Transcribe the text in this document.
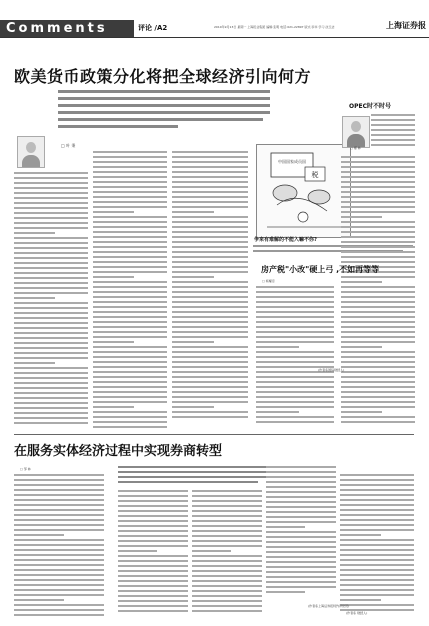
Comments	评论 /A2	2010年9月13日 星期一 上海报业集团 编辑:张明 电话:021-22897 版式:李华 学习:沈玉洁	上海证券报
欧美货币政策分化将把全球经济引向何方
□ 叶 秉
中国国家成员国
税
争来有难解的不能入嘛不你?
OPEC时不时号
□ 郁 林
房产税"小改"硬上弓 ,不如再等等
□ 杨耀章
(作者系国际财经人)
在服务实体经济过程中实现券商转型
□ 邹 林
(作者系上海证券报特约评论员)
(作者系 财经人)
